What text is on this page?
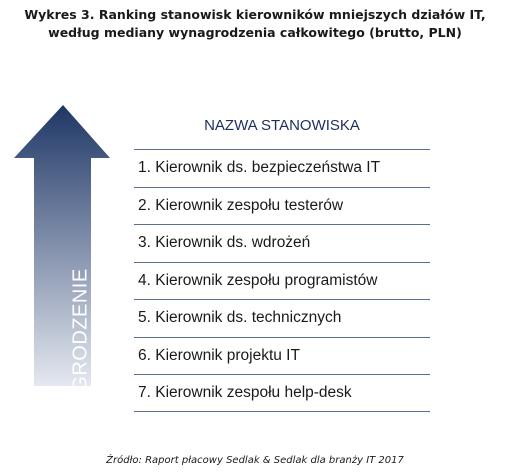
Wykres 3. Ranking stanowisk kierowników mniejszych działów IT,
według mediany wynagrodzenia całkowitego (brutto, PLN)
WYNAGRODZENIE
NAZWA STANOWISKA
1. Kierownik ds. bezpieczeństwa IT
2. Kierownik zespołu testerów
3. Kierownik ds. wdrożeń
4. Kierownik zespołu programistów
5. Kierownik ds. technicznych
6. Kierownik projektu IT
7. Kierownik zespołu help-desk
Źródło: Raport płacowy Sedlak & Sedlak dla branży IT 2017
